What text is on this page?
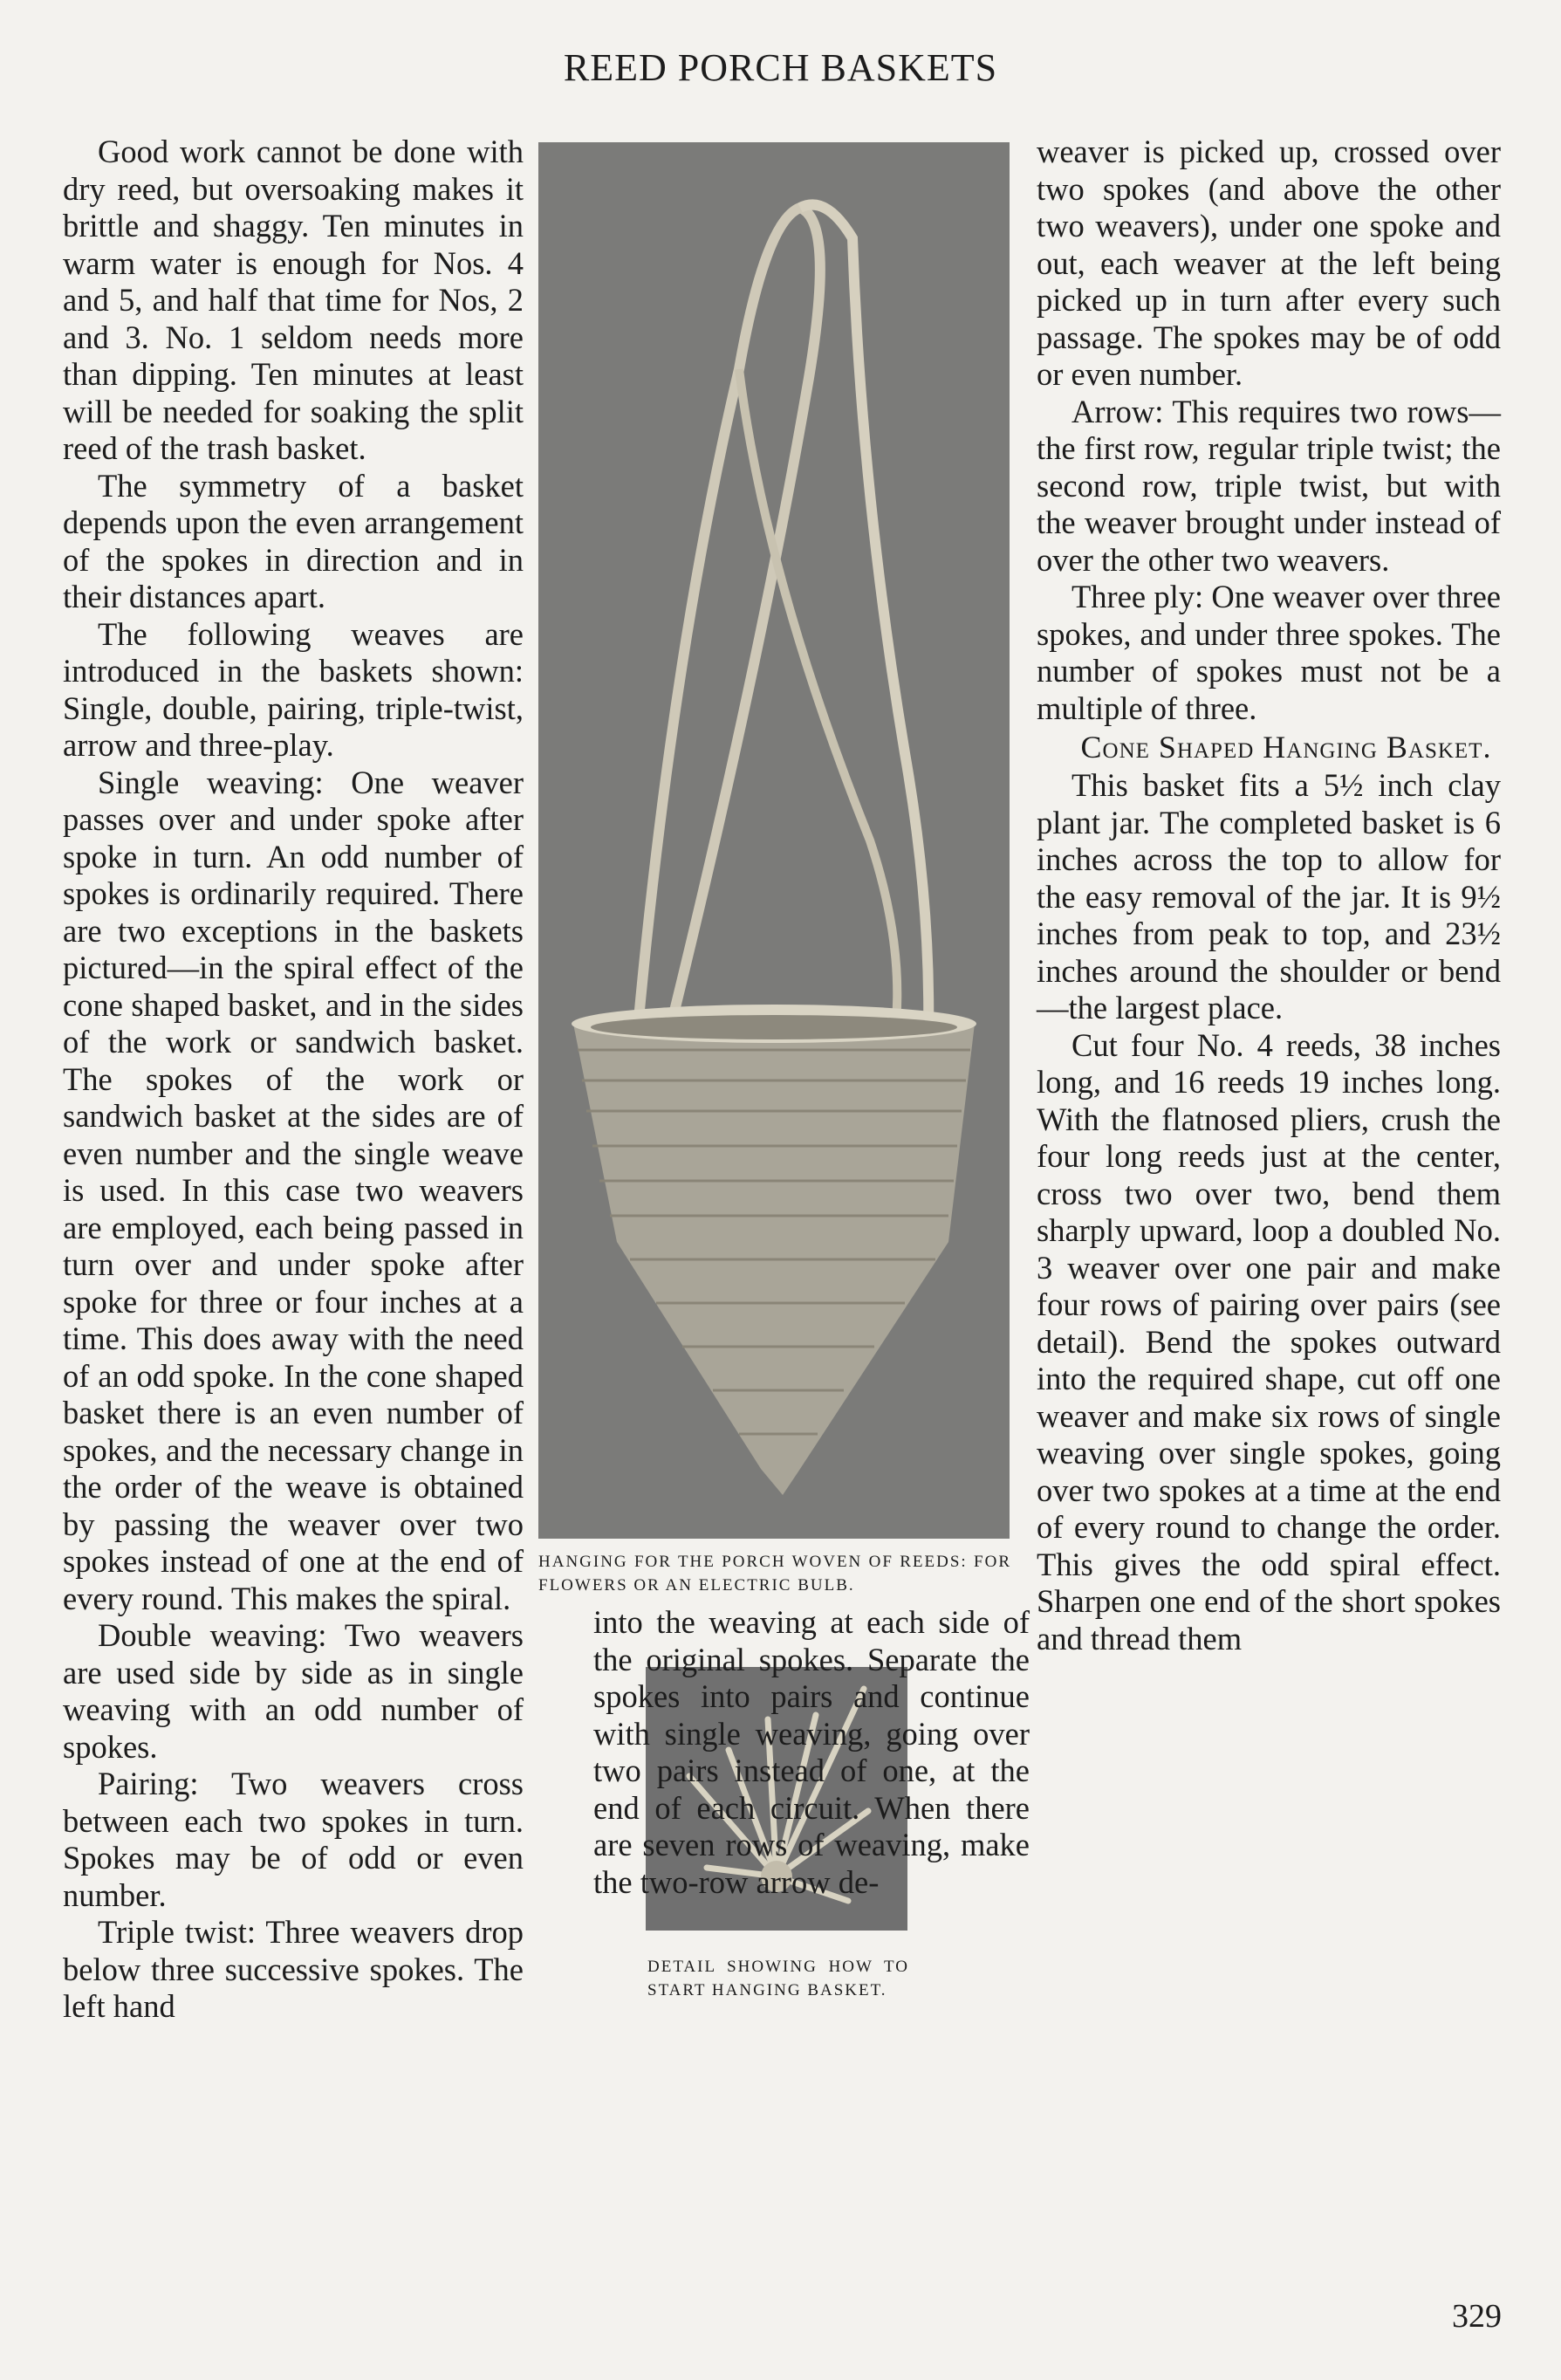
REED PORCH BASKETS

Good work cannot be done with dry reed, but oversoaking makes it brittle and shaggy. Ten minutes in warm water is enough for Nos. 4 and 5, and half that time for Nos, 2 and 3. No. 1 seldom needs more than dipping. Ten minutes at least will be needed for soaking the split reed of the trash basket.

The symmetry of a basket depends upon the even arrangement of the spokes in direction and in their distances apart.

The following weaves are introduced in the baskets shown: Single, double, pairing, triple-twist, arrow and three-play.

Single weaving: One weaver passes over and under spoke after spoke in turn. An odd number of spokes is ordinarily required. There are two exceptions in the baskets pictured—in the spiral effect of the cone shaped basket, and in the sides of the work or sandwich basket. The spokes of the work or sandwich basket at the sides are of even number and the single weave is used. In this case two weavers are employed, each being passed in turn over and under spoke after spoke for three or four inches at a time. This does away with the need of an odd spoke. In the cone shaped basket there is an even number of spokes, and the necessary change in the order of the weave is obtained by passing the weaver over two spokes instead of one at the end of every round. This makes the spiral.

Double weaving: Two weavers are used side by side as in single weaving with an odd number of spokes.

Pairing: Two weavers cross between each two spokes in turn. Spokes may be of odd or even number.

Triple twist: Three weavers drop below three successive spokes. The left hand

HANGING FOR THE PORCH WOVEN OF REEDS: FOR FLOWERS OR AN ELECTRIC BULB.
DETAIL SHOWING HOW TO START HANGING BASKET.

weaver is picked up, crossed over two spokes (and above the other two weavers), under one spoke and out, each weaver at the left being picked up in turn after every such passage. The spokes may be of odd or even number.

Arrow: This requires two rows—the first row, regular triple twist; the second row, triple twist, but with the weaver brought under instead of over the other two weavers.

Three ply: One weaver over three spokes, and under three spokes. The number of spokes must not be a multiple of three.

Cone Shaped Hanging Basket.

This basket fits a 5½ inch clay plant jar. The completed basket is 6 inches across the top to allow for the easy removal of the jar. It is 9½ inches from peak to top, and 23½ inches around the shoulder or bend —the largest place.

Cut four No. 4 reeds, 38 inches long, and 16 reeds 19 inches long. With the flatnosed pliers, crush the four long reeds just at the center, cross two over two, bend them sharply upward, loop a doubled No. 3 weaver over one pair and make four rows of pairing over pairs (see detail). Bend the spokes outward into the required shape, cut off one weaver and make six rows of single weaving over single spokes, going over two spokes at a time at the end of every round to change the order. This gives the odd spiral effect. Sharpen one end of the short spokes and thread them

into the weaving at each side of the original spokes. Separate the spokes into pairs and continue with single weaving, going over two pairs instead of one, at the end of each circuit. When there are seven rows of weaving, make the two-row arrow de-

329
